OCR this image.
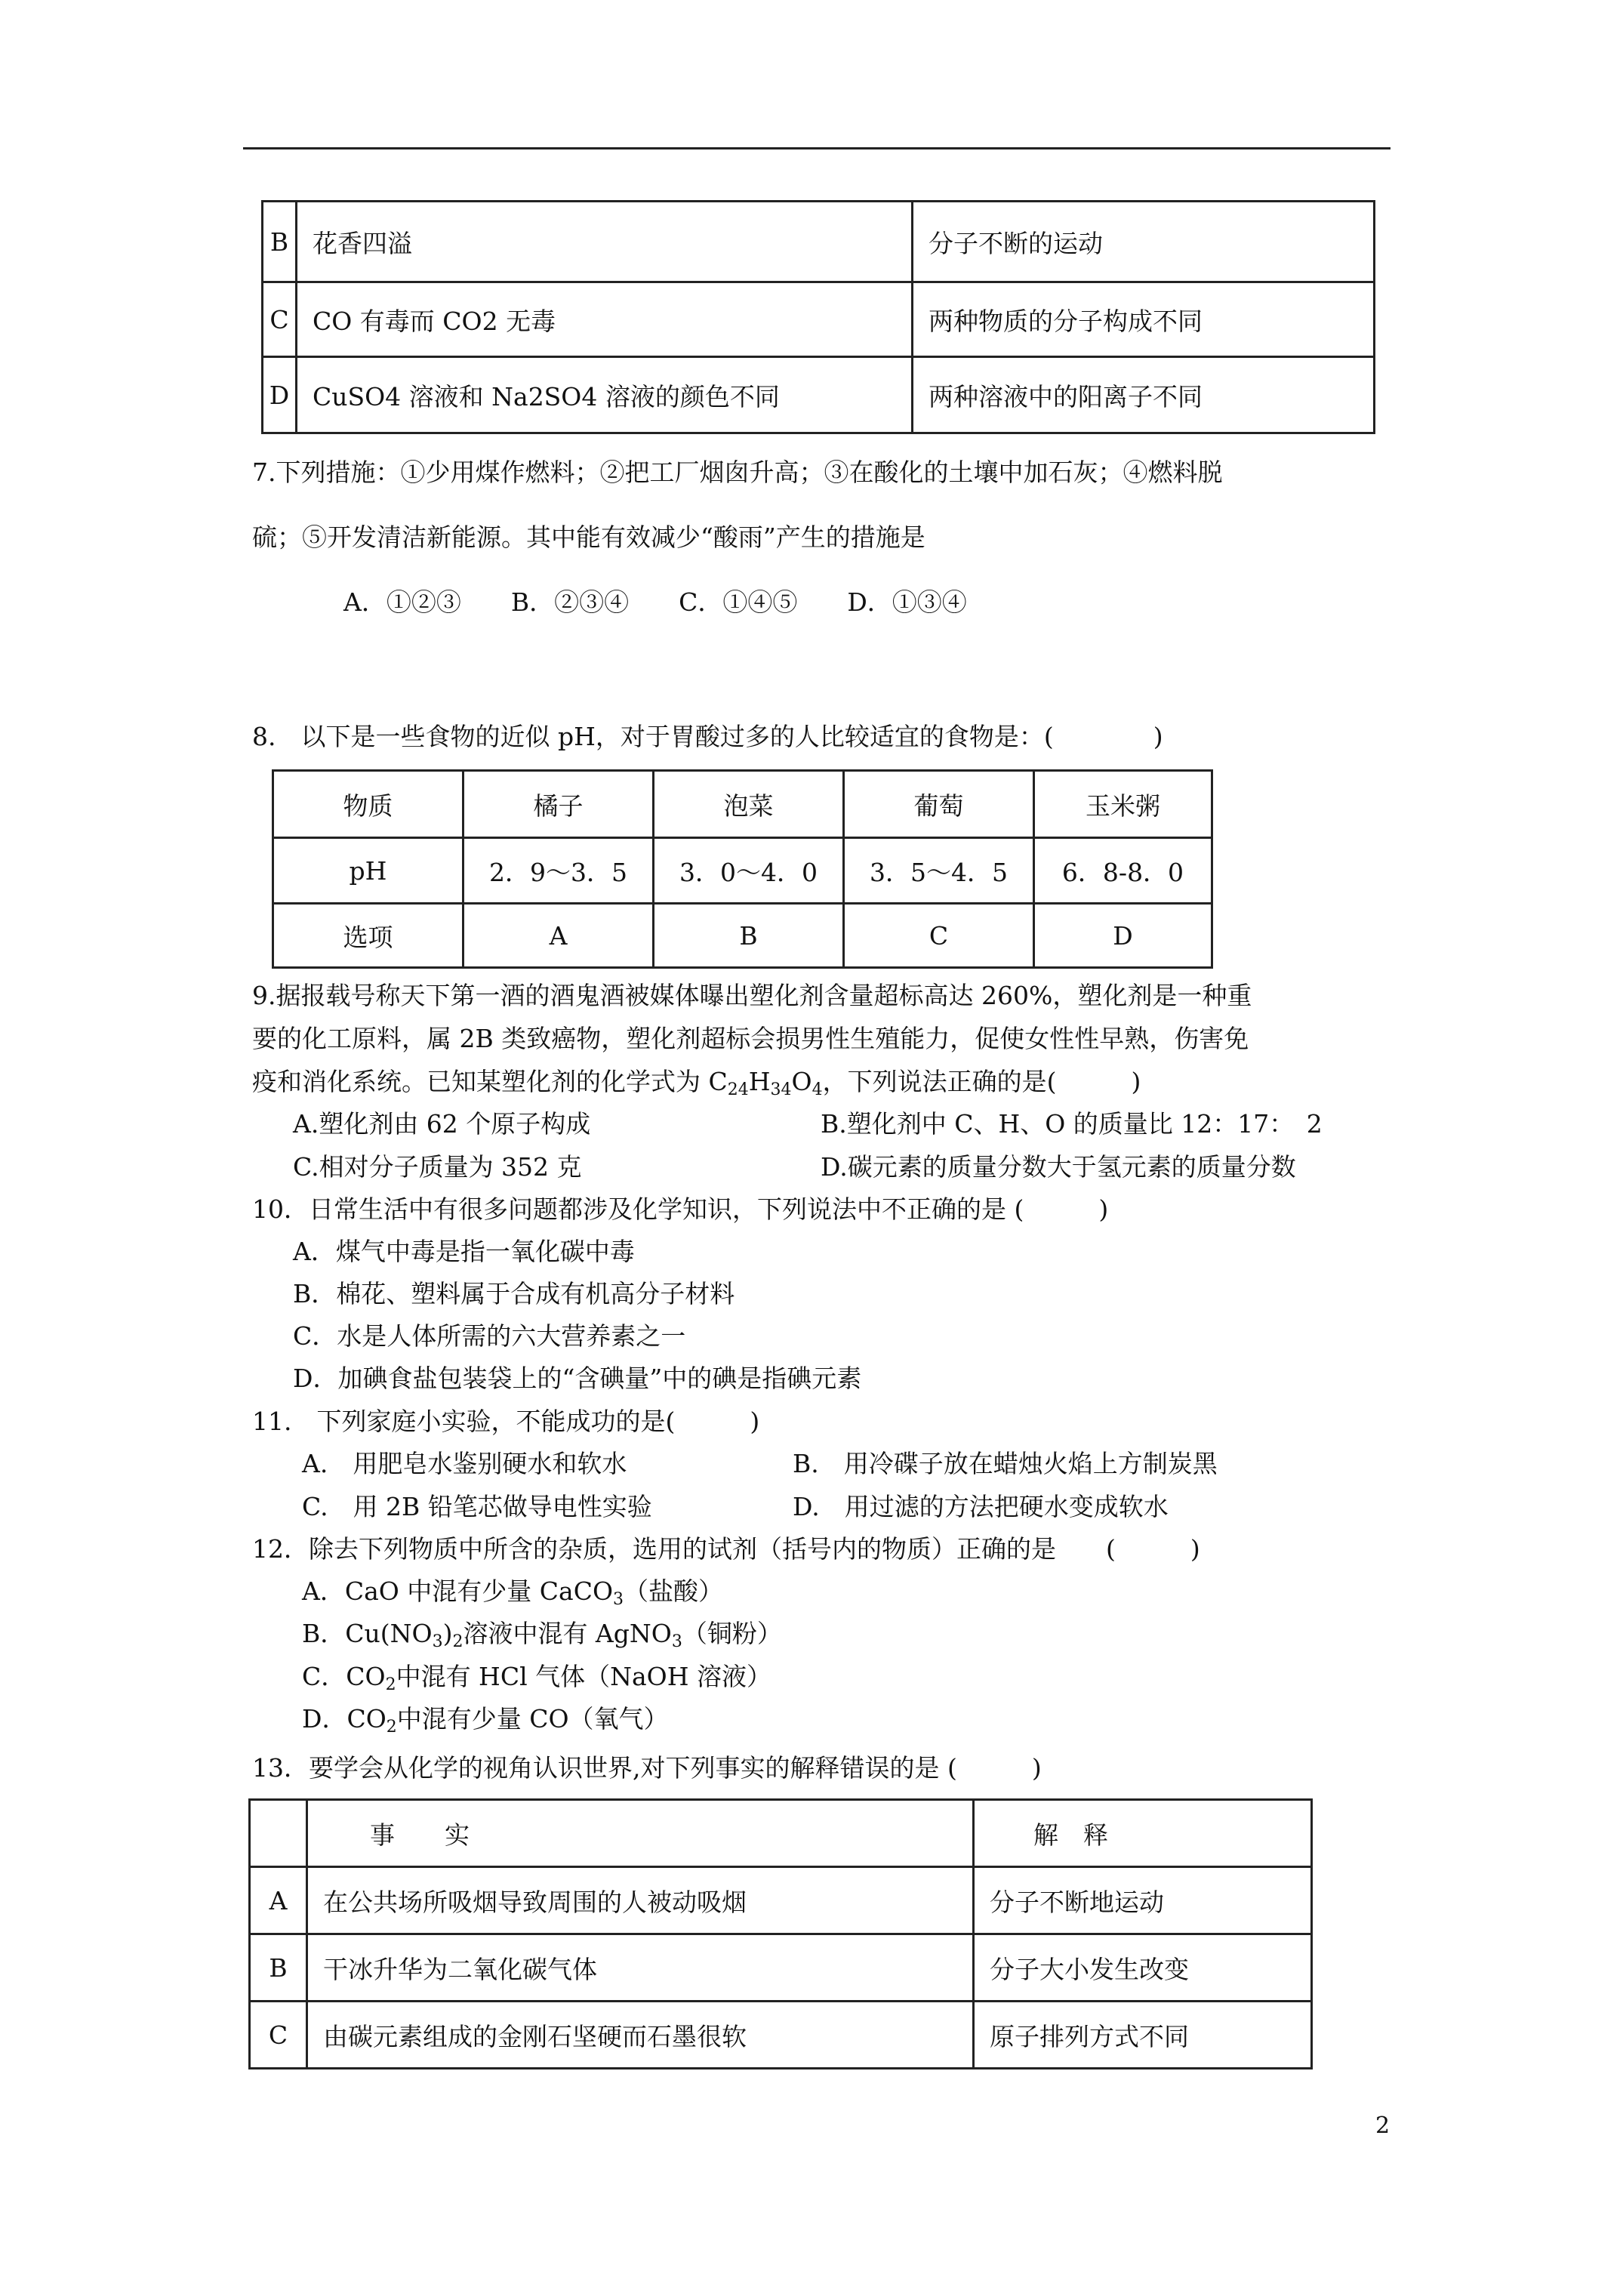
B	花香四溢	分子不断的运动
C	CO 有毒而 CO2 无毒	两种物质的分子构成不同
D	CuSO4 溶液和 Na2SO4 溶液的颜色不同	两种溶液中的阳离子不同
7.下列措施：①少用煤作燃料；②把工厂烟囱升高；③在酸化的土壤中加石灰；④燃料脱
硫；⑤开发清洁新能源。其中能有效减少“酸雨”产生的措施是
A．①②③　　B．②③④　　C．①④⑤　　D．①③④
8.　以下是一些食物的近似 pH，对于胃酸过多的人比较适宜的食物是：(　　　　)
物质	橘子	泡菜	葡萄	玉米粥
pH	2．9～3．5	3．0～4．0	3．5～4．5	6．8-8．0
选项	A	B	C	D
9.据报载号称天下第一酒的酒鬼酒被媒体曝出塑化剂含量超标高达 260%，塑化剂是一种重
要的化工原料，属 2B 类致癌物，塑化剂超标会损男性生殖能力，促使女性性早熟，伤害免
疫和消化系统。已知某塑化剂的化学式为 $C_{24}H_{34}O_4$，下列说法正确的是(　　　)
A.塑化剂由 62 个原子构成	B.塑化剂中 C、H、O 的质量比 12：17：　2
C.相对分子质量为 352 克	D.碳元素的质量分数大于氢元素的质量分数
10．日常生活中有很多问题都涉及化学知识，下列说法中不正确的是 (　　　)
A．煤气中毒是指一氧化碳中毒
B．棉花、塑料属于合成有机高分子材料
C．水是人体所需的六大营养素之一
D．加碘食盐包装袋上的“含碘量”中的碘是指碘元素
11.　下列家庭小实验，不能成功的是(　　　)
A.　用肥皂水鉴别硬水和软水	B.　用冷碟子放在蜡烛火焰上方制炭黑
C.　用 2B 铅笔芯做导电性实验	D.　用过滤的方法把硬水变成软水
12．除去下列物质中所含的杂质，选用的试剂（括号内的物质）正确的是　　(　　　)
A．CaO 中混有少量 CaCO$_3$（盐酸）
B．$Cu(NO_3)_2$溶液中混有 AgNO$_3$（铜粉）
C．$CO_2$中混有 HCl 气体（NaOH 溶液）
D．$CO_2$中混有少量 CO（氧气）
13．要学会从化学的视角认识世界,对下列事实的解释错误的是 (　　　)
	事　　实	解　释
A	在公共场所吸烟导致周围的人被动吸烟	分子不断地运动
B	干冰升华为二氧化碳气体	分子大小发生改变
C	由碳元素组成的金刚石坚硬而石墨很软	原子排列方式不同
2
